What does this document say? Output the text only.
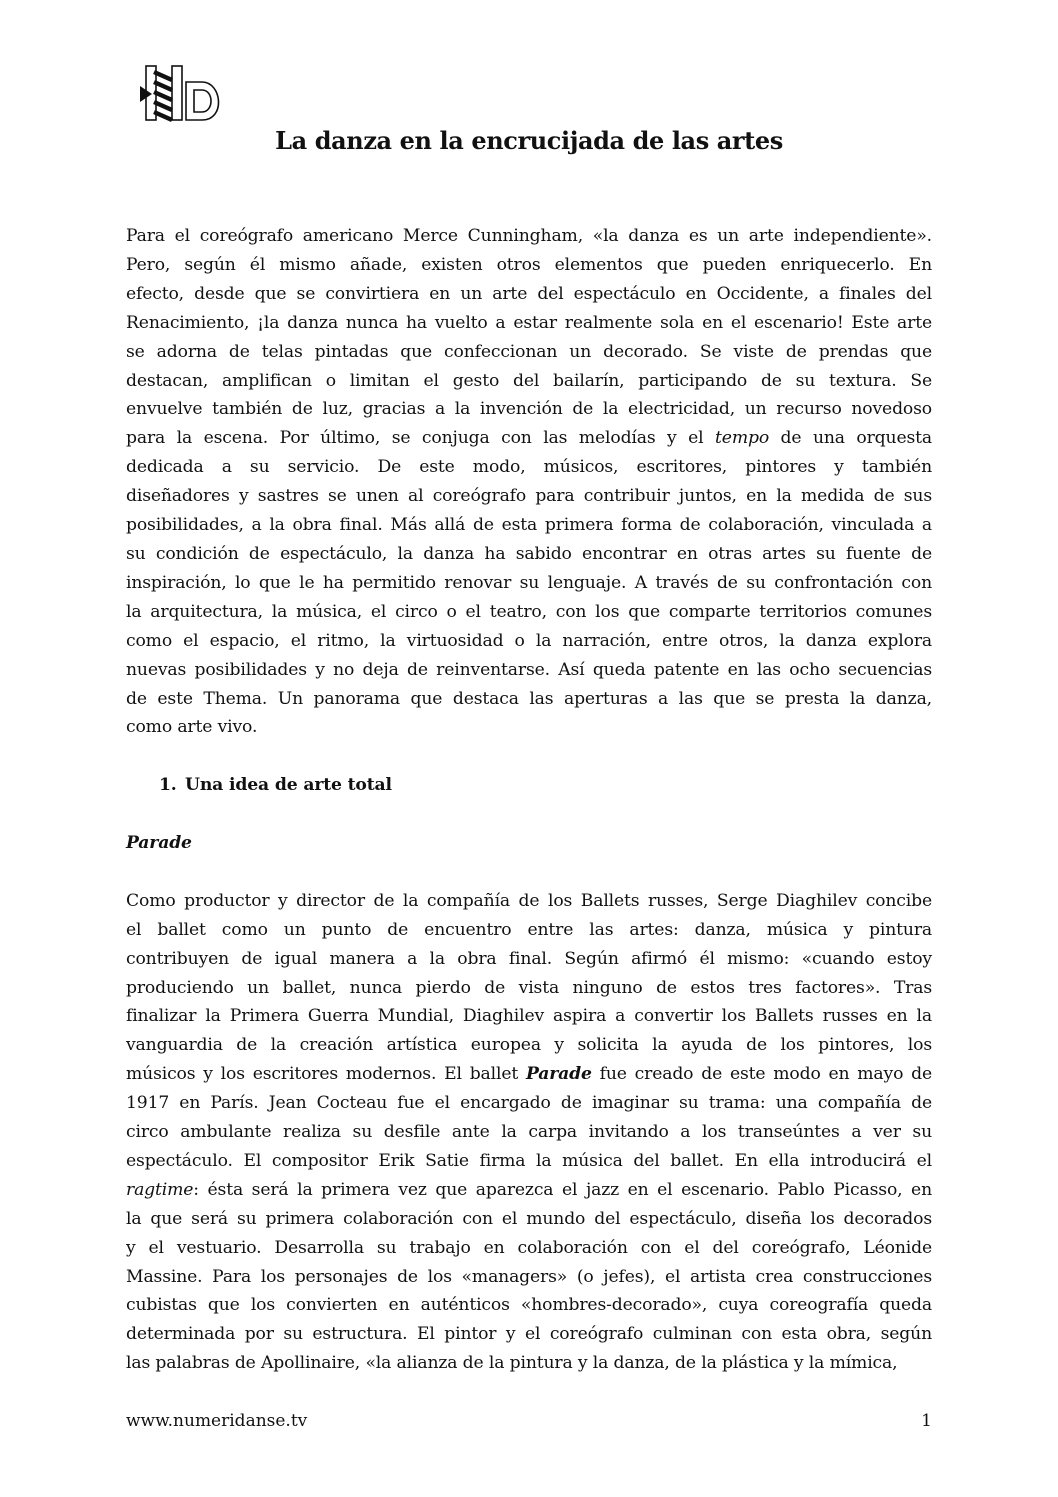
La danza en la encrucijada de las artes

Para el coreógrafo americano Merce Cunningham, «la danza es un arte independiente».
Pero, según él mismo añade, existen otros elementos que pueden enriquecerlo. En
efecto, desde que se convirtiera en un arte del espectáculo en Occidente, a finales del
Renacimiento, ¡la danza nunca ha vuelto a estar realmente sola en el escenario! Este arte
se adorna de telas pintadas que confeccionan un decorado. Se viste de prendas que
destacan, amplifican o limitan el gesto del bailarín, participando de su textura. Se
envuelve también de luz, gracias a la invención de la electricidad, un recurso novedoso
para la escena. Por último, se conjuga con las melodías y el tempo de una orquesta
dedicada a su servicio. De este modo, músicos, escritores, pintores y también
diseñadores y sastres se unen al coreógrafo para contribuir juntos, en la medida de sus
posibilidades, a la obra final. Más allá de esta primera forma de colaboración, vinculada a
su condición de espectáculo, la danza ha sabido encontrar en otras artes su fuente de
inspiración, lo que le ha permitido renovar su lenguaje. A través de su confrontación con
la arquitectura, la música, el circo o el teatro, con los que comparte territorios comunes
como el espacio, el ritmo, la virtuosidad o la narración, entre otros, la danza explora
nuevas posibilidades y no deja de reinventarse. Así queda patente en las ocho secuencias
de este Thema. Un panorama que destaca las aperturas a las que se presta la danza,
como arte vivo.

1. Una idea de arte total
Parade

Como productor y director de la compañía de los Ballets russes, Serge Diaghilev concibe
el ballet como un punto de encuentro entre las artes: danza, música y pintura
contribuyen de igual manera a la obra final. Según afirmó él mismo: «cuando estoy
produciendo un ballet, nunca pierdo de vista ninguno de estos tres factores». Tras
finalizar la Primera Guerra Mundial, Diaghilev aspira a convertir los Ballets russes en la
vanguardia de la creación artística europea y solicita la ayuda de los pintores, los
músicos y los escritores modernos. El ballet Parade fue creado de este modo en mayo de
1917 en París. Jean Cocteau fue el encargado de imaginar su trama: una compañía de
circo ambulante realiza su desfile ante la carpa invitando a los transeúntes a ver su
espectáculo. El compositor Erik Satie firma la música del ballet. En ella introducirá el
ragtime: ésta será la primera vez que aparezca el jazz en el escenario. Pablo Picasso, en
la que será su primera colaboración con el mundo del espectáculo, diseña los decorados
y el vestuario. Desarrolla su trabajo en colaboración con el del coreógrafo, Léonide
Massine. Para los personajes de los «managers» (o jefes), el artista crea construcciones
cubistas que los convierten en auténticos «hombres-decorado», cuya coreografía queda
determinada por su estructura. El pintor y el coreógrafo culminan con esta obra, según
las palabras de Apollinaire, «la alianza de la pintura y la danza, de la plástica y la mímica,

www.numeridanse.tv	1
